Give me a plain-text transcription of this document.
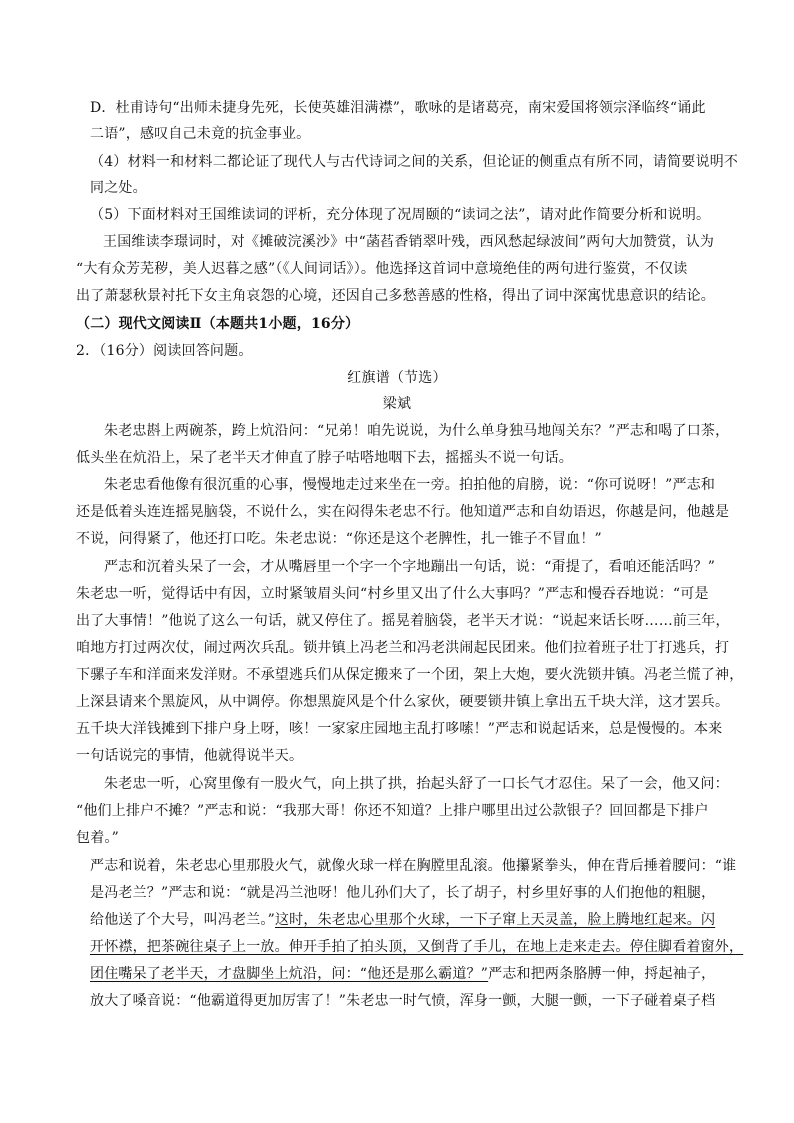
D．杜甫诗句“出师未捷身先死，长使英雄泪满襟”，歌咏的是诸葛亮，南宋爱国将领宗泽临终“诵此
二语”，感叹自己未竟的抗金事业。
（4）材料一和材料二都论证了现代人与古代诗词之间的关系，但论证的侧重点有所不同，请简要说明不
同之处。
（5）下面材料对王国维读词的评析，充分体现了况周颐的“读词之法”，请对此作简要分析和说明。
王国维读李璟词时，对《摊破浣溪沙》中“菡萏香销翠叶残，西风愁起绿波间”两句大加赞赏，认为
“大有众芳芜秽，美人迟暮之感”（《人间词话》）。他选择这首词中意境绝佳的两句进行鉴赏，不仅读
出了萧瑟秋景衬托下女主角哀怨的心境，还因自己多愁善感的性格，得出了词中深寓忧患意识的结论。
（二）现代文阅读Ⅱ（本题共1小题，16分）
2．（16分）阅读回答问题。
红旗谱（节选）
梁斌
朱老忠斟上两碗茶，跨上炕沿问：“兄弟！咱先说说，为什么单身独马地闯关东？”严志和喝了口茶，
低头坐在炕沿上，呆了老半天才伸直了脖子咕嗒地咽下去，摇摇头不说一句话。
朱老忠看他像有很沉重的心事，慢慢地走过来坐在一旁。拍拍他的肩膀，说：“你可说呀！”严志和
还是低着头连连摇晃脑袋，不说什么，实在闷得朱老忠不行。他知道严志和自幼语迟，你越是问，他越是
不说，问得紧了，他还打口吃。朱老忠说：“你还是这个老脾性，扎一锥子不冒血！”
严志和沉着头呆了一会，才从嘴唇里一个字一个字地蹦出一句话，说：“甭提了，看咱还能活吗？”
朱老忠一听，觉得话中有因，立时紧皱眉头问“村乡里又出了什么大事吗？”严志和慢吞吞地说：“可是
出了大事情！”他说了这么一句话，就又停住了。摇晃着脑袋，老半天才说：“说起来话长呀……前三年，
咱地方打过两次仗，闹过两次兵乱。锁井镇上冯老兰和冯老洪闹起民团来。他们拉着班子壮丁打逃兵，打
下骡子车和洋面来发洋财。不承望逃兵们从保定搬来了一个团，架上大炮，要火洗锁井镇。冯老兰慌了神，
上深县请来个黑旋风，从中调停。你想黑旋风是个什么家伙，硬要锁井镇上拿出五千块大洋，这才罢兵。
五千块大洋钱摊到下排户身上呀，咳！一家家庄园地主乱打哆嗦！”严志和说起话来，总是慢慢的。本来
一句话说完的事情，他就得说半天。
朱老忠一听，心窝里像有一股火气，向上拱了拱，抬起头舒了一口长气才忍住。呆了一会，他又问：
“他们上排户不摊？”严志和说：“我那大哥！你还不知道？上排户哪里出过公款银子？回回都是下排户
包着。”
严志和说着，朱老忠心里那股火气，就像火球一样在胸膛里乱滚。他攥紧拳头，伸在背后捶着腰问：“谁
是冯老兰？”严志和说：“就是冯兰池呀！他儿孙们大了，长了胡子，村乡里好事的人们抱他的粗腿，
给他送了个大号，叫冯老兰。”这时，朱老忠心里那个火球，一下子窜上天灵盖，脸上腾地红起来。闪
开怀襟，把茶碗往桌子上一放。伸开手拍了拍头顶，又倒背了手儿，在地上走来走去。停住脚看着窗外，
团住嘴呆了老半天，才盘脚坐上炕沿，问：“他还是那么霸道？”严志和把两条胳膊一伸，捋起袖子，
放大了嗓音说：“他霸道得更加厉害了！”朱老忠一时气愤，浑身一颤，大腿一颤，一下子碰着桌子档
